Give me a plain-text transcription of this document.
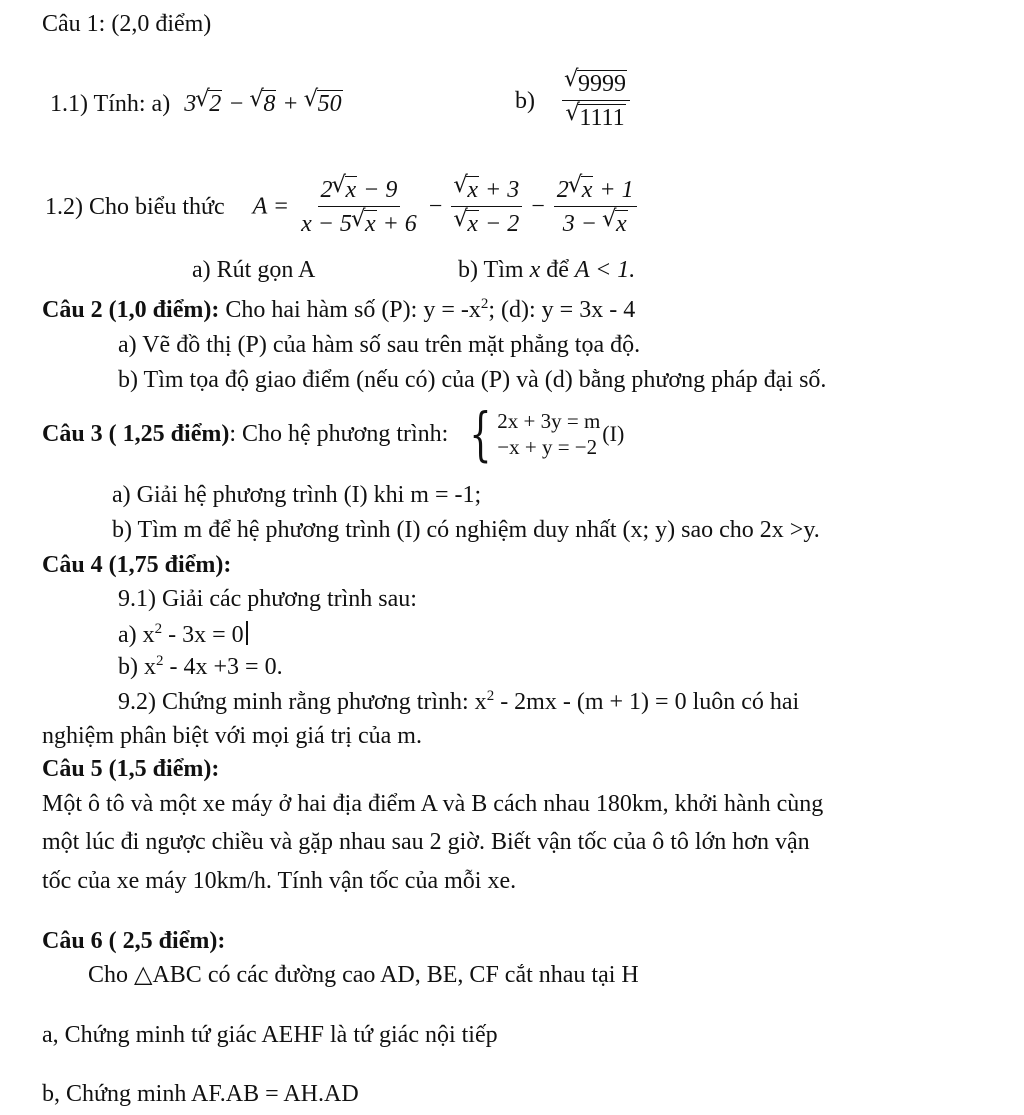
Câu 1: (2,0 điểm)
1.1) Tính: a) 3 √ 2 − √ 8 + √ 50	b) √ 9999
√ 1111
1.2) Cho biểu thức $A = \frac{2 √ x - 9}{x - 5 √ x + 6}$ − √ x + 3
√ $x - 2 - \frac{2 √ x + 1}{3 - √ x}$
a) Rút gọn A	b) Tìm x để A < 1.
Câu 2 (1,0 điểm): Cho hai hàm số (P): $y = -x^2$; (d): y = 3x - 4
a) Vẽ đồ thị (P) của hàm số sau trên mặt phẳng tọa độ.
b) Tìm tọa độ giao điểm (nếu có) của (P) và (d) bằng phương pháp đại số.
Câu 3 ( 1,25 điểm): Cho hệ phương trình: { 2x + 3y = m
−x + y = −2
(I)
a) Giải hệ phương trình (I) khi m = -1;
b) Tìm m để hệ phương trình (I) có nghiệm duy nhất (x; y) sao cho 2x >y.
Câu 4 (1,75 điểm):
9.1) Giải các phương trình sau:
a) $x^2 - 3x = 0$
b) $x^2 - 4x +3 = 0$.
9.2) Chứng minh rằng phương trình: $x^2 - 2mx - (m + 1) = 0$ luôn có hai
nghiệm phân biệt với mọi giá trị của m.
Câu 5 (1,5 điểm):
Một ô tô và một xe máy ở hai địa điểm A và B cách nhau 180km, khởi hành cùng
một lúc đi ngược chiều và gặp nhau sau 2 giờ. Biết vận tốc của ô tô lớn hơn vận
tốc của xe máy 10km/h. Tính vận tốc của mỗi xe.
Câu 6 ( 2,5 điểm):
Cho △ABC có các đường cao AD, BE, CF cắt nhau tại H
a, Chứng minh tứ giác AEHF là tứ giác nội tiếp
b, Chứng minh AF.AB = AH.AD
